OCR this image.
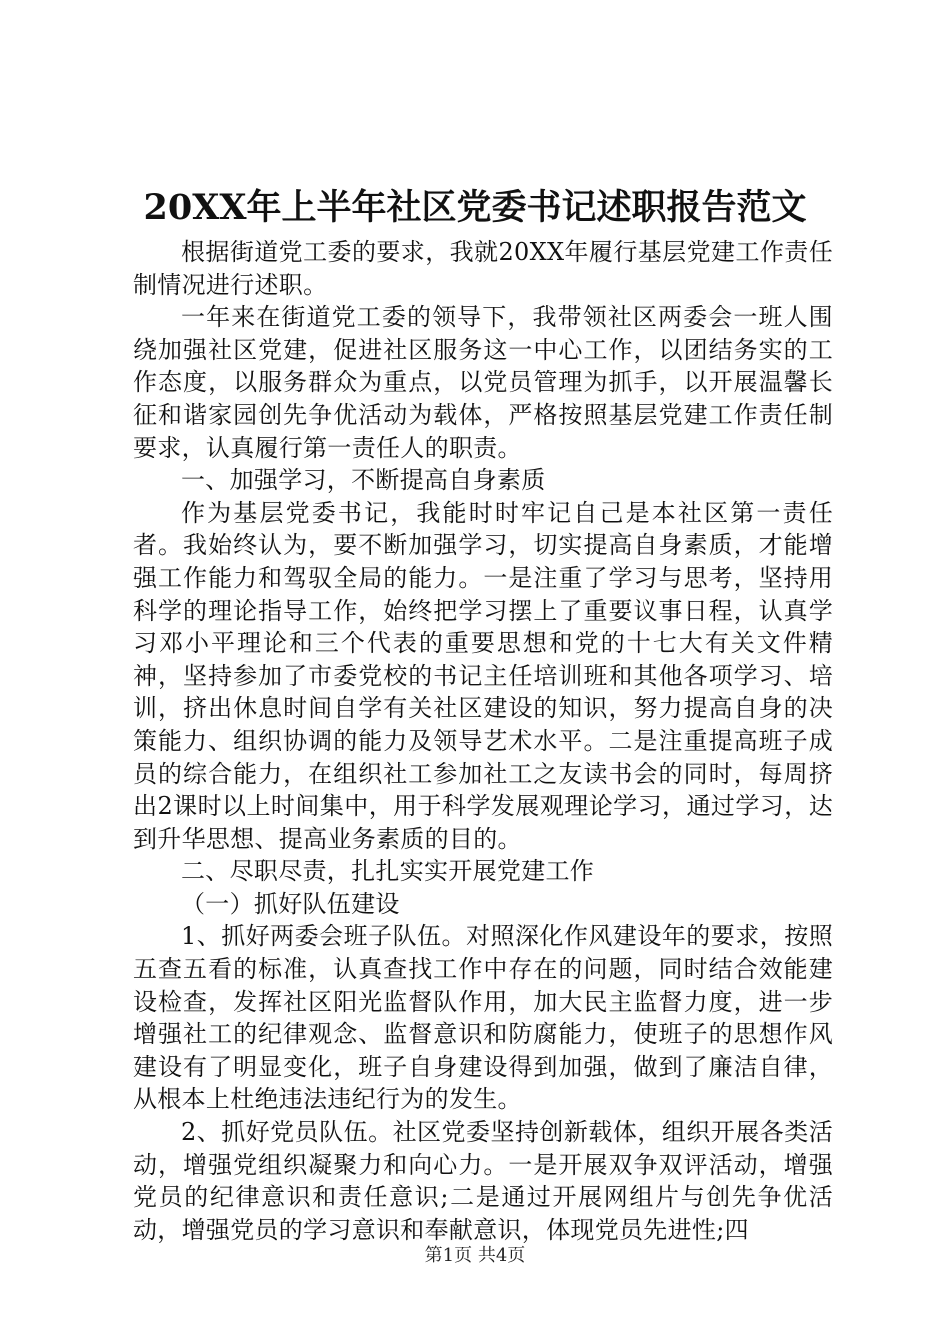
20XX年上半年社区党委书记述职报告范文

根据街道党工委的要求，我就20XX年履行基层党建工作责任制情况进行述职。

一年来在街道党工委的领导下，我带领社区两委会一班人围绕加强社区党建，促进社区服务这一中心工作，以团结务实的工作态度，以服务群众为重点，以党员管理为抓手，以开展温馨长征和谐家园创先争优活动为载体，严格按照基层党建工作责任制要求，认真履行第一责任人的职责。

一、加强学习，不断提高自身素质

作为基层党委书记，我能时时牢记自己是本社区第一责任者。我始终认为，要不断加强学习，切实提高自身素质，才能增强工作能力和驾驭全局的能力。一是注重了学习与思考，坚持用科学的理论指导工作，始终把学习摆上了重要议事日程，认真学习邓小平理论和三个代表的重要思想和党的十七大有关文件精神，坚持参加了市委党校的书记主任培训班和其他各项学习、培训，挤出休息时间自学有关社区建设的知识，努力提高自身的决策能力、组织协调的能力及领导艺术水平。二是注重提高班子成员的综合能力，在组织社工参加社工之友读书会的同时，每周挤出2课时以上时间集中，用于科学发展观理论学习，通过学习，达到升华思想、提高业务素质的目的。

二、尽职尽责，扎扎实实开展党建工作

（一）抓好队伍建设

1、抓好两委会班子队伍。对照深化作风建设年的要求，按照五查五看的标准，认真查找工作中存在的问题，同时结合效能建设检查，发挥社区阳光监督队作用，加大民主监督力度，进一步增强社工的纪律观念、监督意识和防腐能力，使班子的思想作风建设有了明显变化，班子自身建设得到加强，做到了廉洁自律，从根本上杜绝违法违纪行为的发生。

2、抓好党员队伍。社区党委坚持创新载体，组织开展各类活动，增强党组织凝聚力和向心力。一是开展双争双评活动，增强党员的纪律意识和责任意识;二是通过开展网组片与创先争优活动，增强党员的学习意识和奉献意识，体现党员先进性;四

第1页 共4页
